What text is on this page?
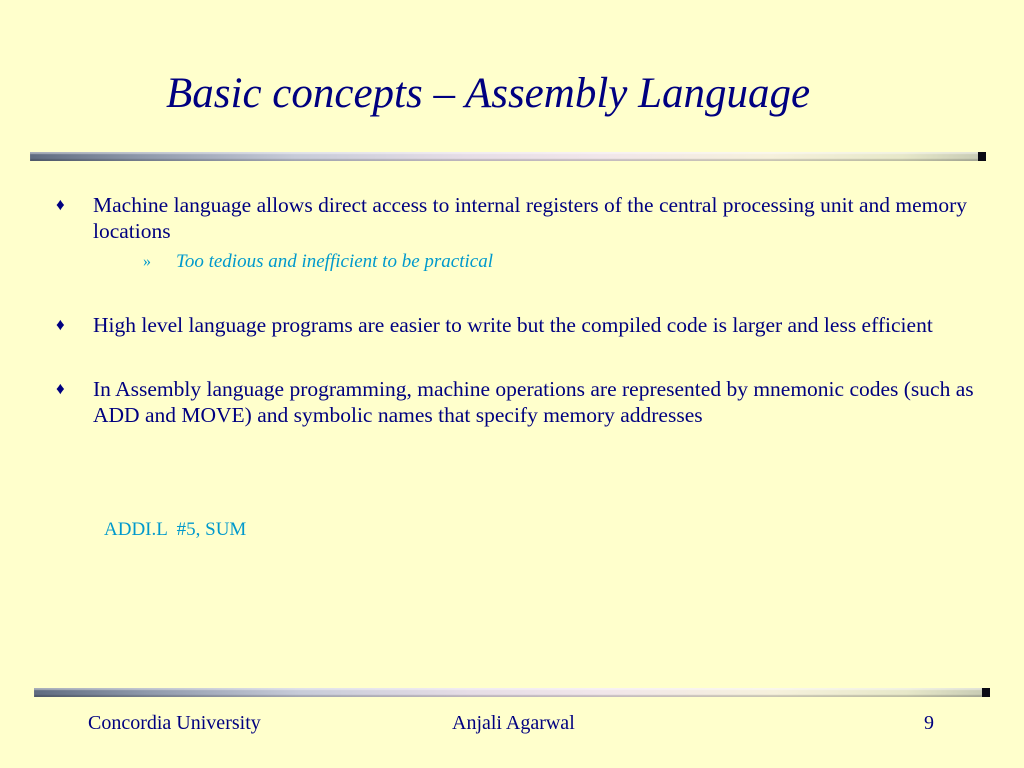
Basic concepts – Assembly Language
♦	Machine language allows direct access to internal registers of the central processing unit and memory locations
»	Too tedious and inefficient to be practical
♦	High level language programs are easier to write but the compiled code is larger and less efficient
♦	In Assembly language programming, machine operations are represented by mnemonic codes (such as ADD and MOVE) and symbolic names that specify memory addresses
ADDI.L  #5, SUM
Concordia University	Anjali Agarwal	9
